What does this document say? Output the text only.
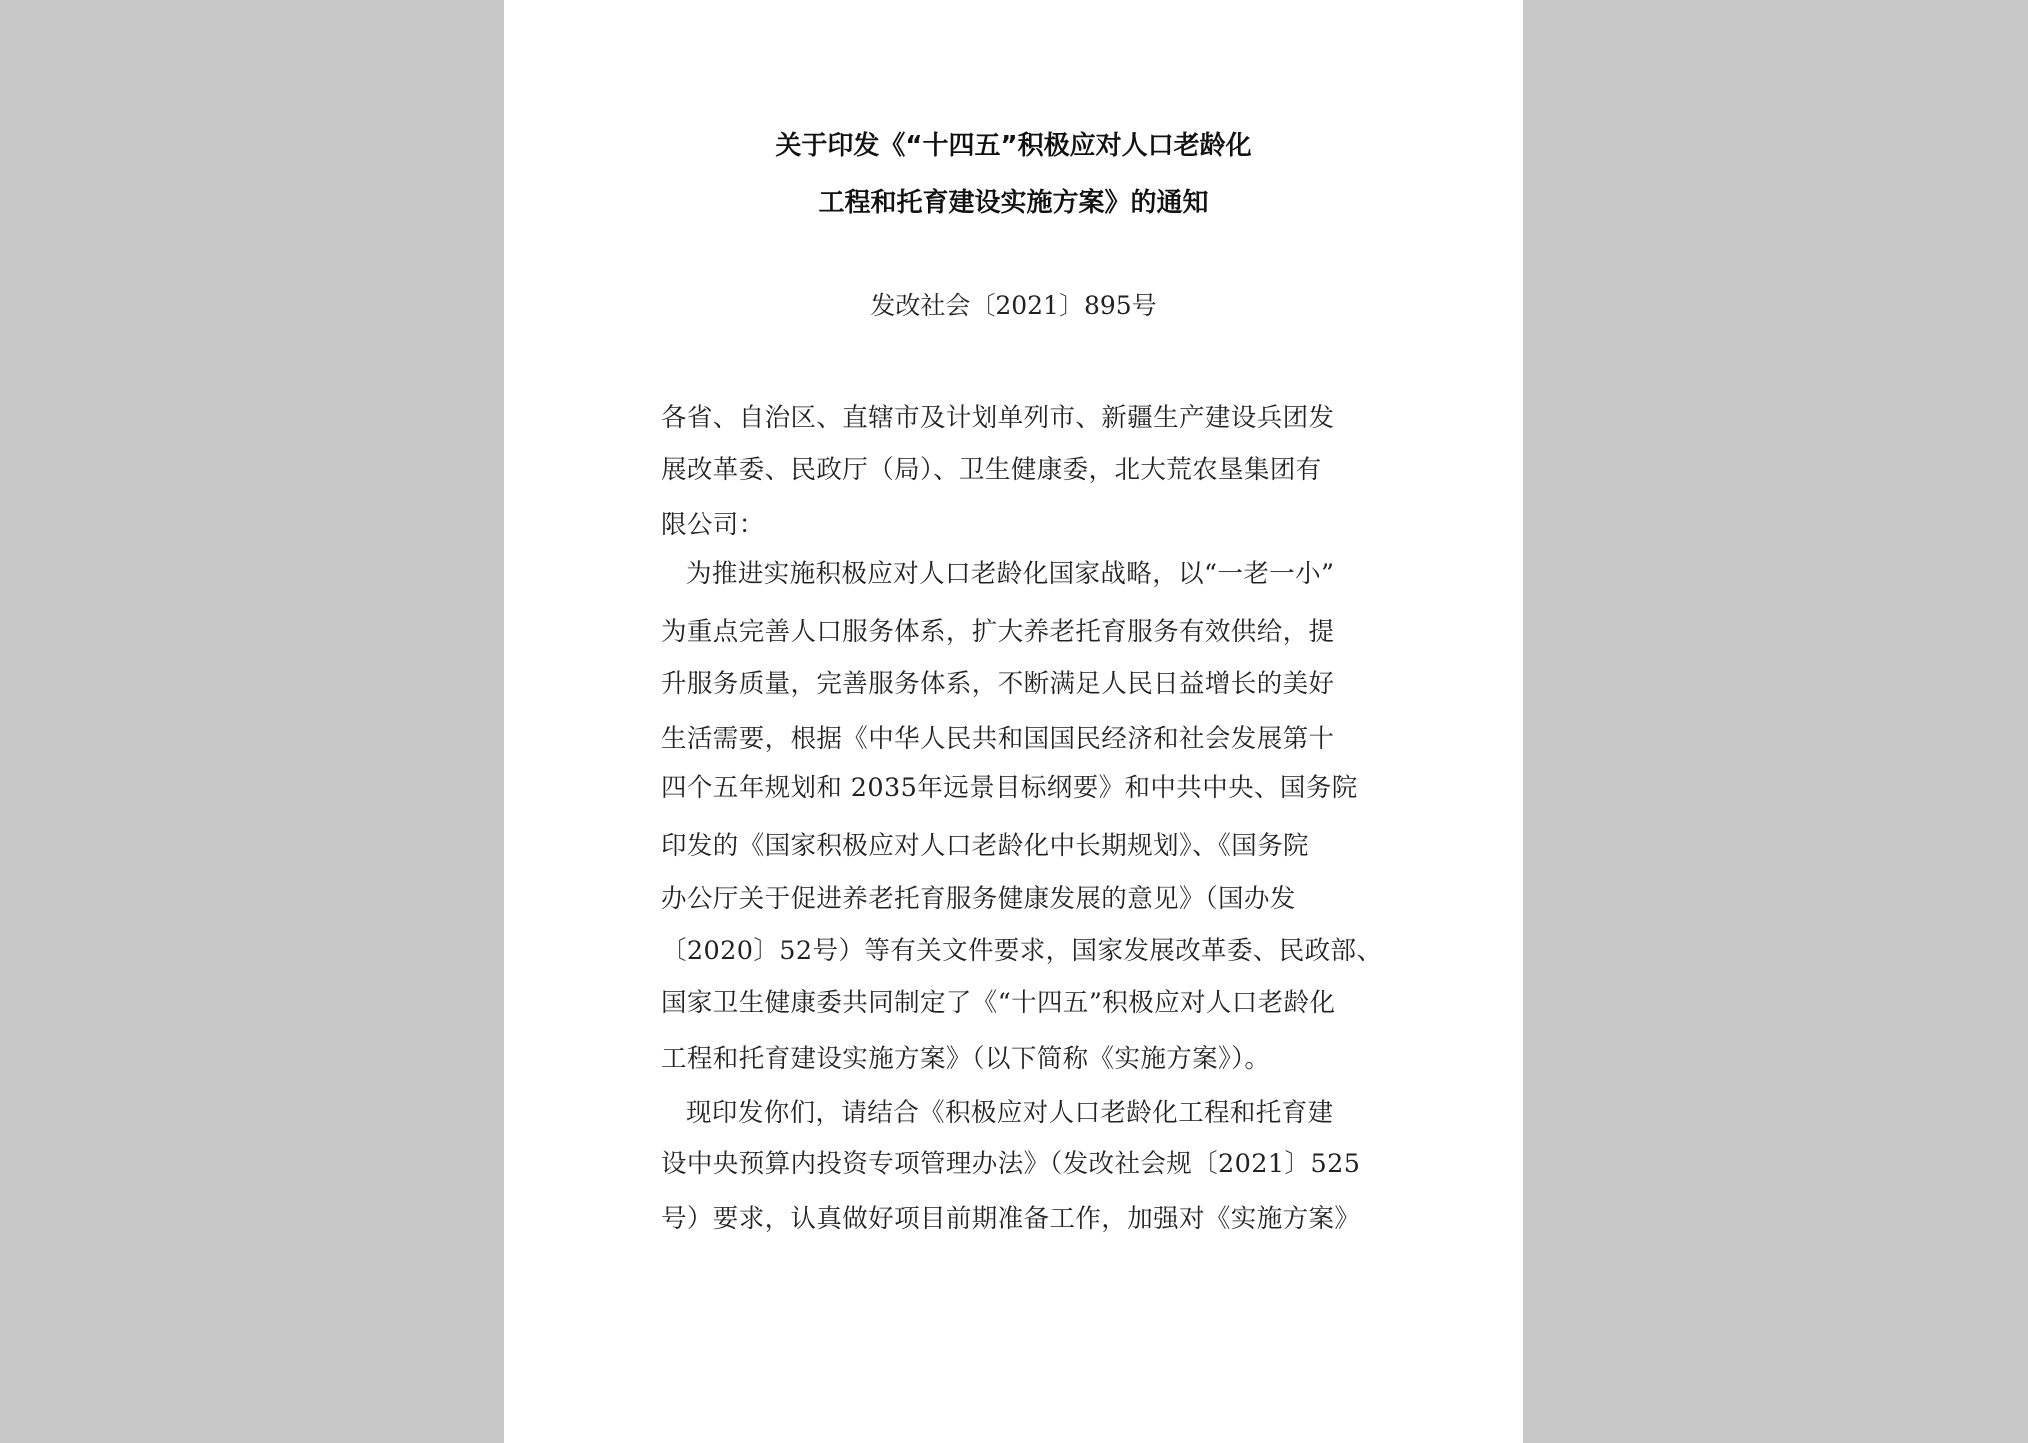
关于印发《“十四五”积极应对人口老龄化
工程和托育建设实施方案》的通知
发改社会〔2021〕895号
各省、自治区、直辖市及计划单列市、新疆生产建设兵团发
展改革委、民政厅（局）、卫生健康委，北大荒农垦集团有
限公司：
为推进实施积极应对人口老龄化国家战略，以“一老一小”
为重点完善人口服务体系，扩大养老托育服务有效供给，提
升服务质量，完善服务体系，不断满足人民日益增长的美好
生活需要，根据《中华人民共和国国民经济和社会发展第十
四个五年规划和 2035年远景目标纲要》和中共中央、国务院
印发的《国家积极应对人口老龄化中长期规划》、《国务院
办公厅关于促进养老托育服务健康发展的意见》（国办发
〔2020〕52号）等有关文件要求，国家发展改革委、民政部、
国家卫生健康委共同制定了《“十四五”积极应对人口老龄化
工程和托育建设实施方案》（以下简称《实施方案》）。
现印发你们，请结合《积极应对人口老龄化工程和托育建
设中央预算内投资专项管理办法》（发改社会规〔2021〕525
号）要求，认真做好项目前期准备工作，加强对《实施方案》
